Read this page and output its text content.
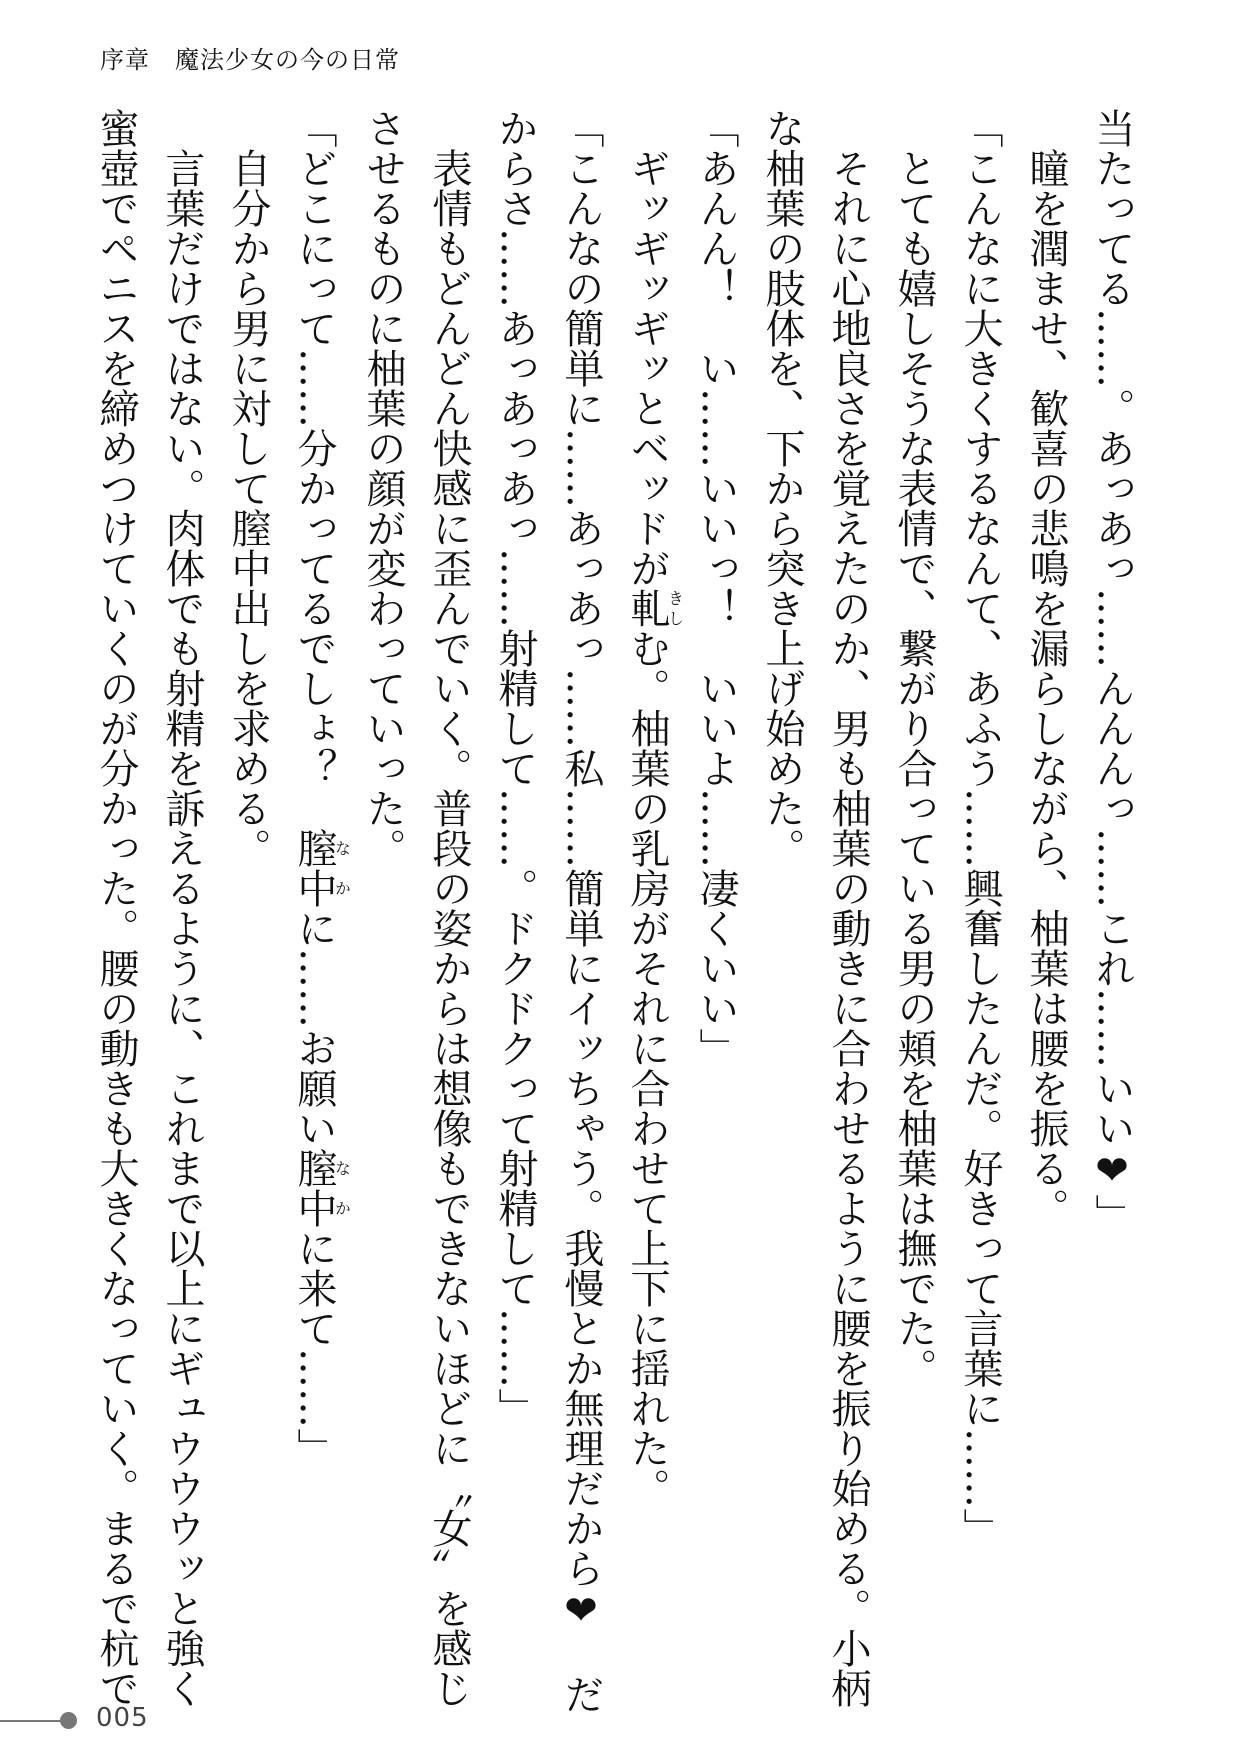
序章　魔法少女の今の日常

当たってる……。あっあっ……んんんっ……これ……いい❤」

　瞳を潤ませ、歓喜の悲鳴を漏らしながら、柚葉は腰を振る。

「こんなに大きくするなんて、あふう……興奮したんだ。好きって言葉に……」

　とても嬉しそうな表情で、繋がり合っている男の頬を柚葉は撫でた。

　それに心地良さを覚えたのか、男も柚葉の動きに合わせるように腰を振り始める。小柄

な柚葉の肢体を、下から突き上げ始めた。

「あんん！　い……いいっ！　いいよ……凄くいい」

　ギッギッギッとベッドが軋きしむ。柚葉の乳房がそれに合わせて上下に揺れた。

「こんなの簡単に……あっあっ……私……簡単にイッちゃう。我慢とか無理だから❤　だ

からさ……あっあっあっ……射精して……。ドクドクって射精して……」

　表情もどんどん快感に歪んでいく。普段の姿からは想像もできないほどに〝女〟を感じ

させるものに柚葉の顔が変わっていった。

「どこにって……分かってるでしょ？　膣中なかに……お願い膣中なかに来て……」

　自分から男に対して膣中出しを求める。

　言葉だけではない。肉体でも射精を訴えるように、これまで以上にギュウウウッと強く

蜜壺でペニスを締めつけていくのが分かった。腰の動きも大きくなっていく。まるで杭で

005
